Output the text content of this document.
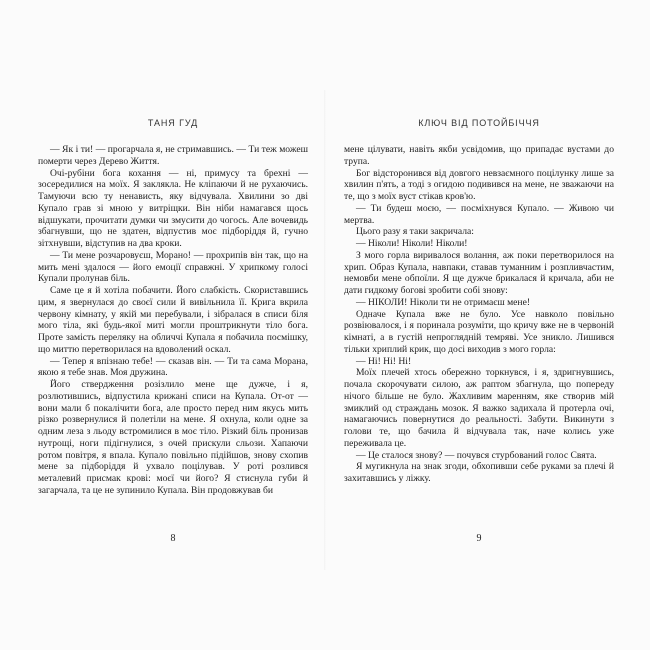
ТАНЯ ГУД

— Як і ти! — прогарчала я, не стримавшись. — Ти теж можеш померти через Дерево Життя.

Очі-рубіни бога кохання — ні, примусу та брехні — зосередилися на моїх. Я закляклa. Не кліпаючи й не рухаючись. Тамуючи всю ту ненависть, яку відчувала. Хвилини зо дві Купало грав зі мною у витріщки. Він ніби намагався щось відшукати, прочитати думки чи змусити до чогось. Але вочевидь збагнувши, що не здатен, відпустив моє підборіддя й, гучно зітхнувши, відступив на два кроки.

— Ти мене розчаровуєш, Морано! — прохрипів він так, що на мить мені здалося — його емоції справжні. У хрипкому голосі Купали пролунав біль.

Саме це я й хотіла побачити. Його слабкість. Скориставшись цим, я звернулася до своєї сили й вивільнила її. Крига вкрила червону кімнату, у якій ми перебували, і зібралася в списи біля мого тіла, які будь-якої миті могли проштрикнути тіло бога. Проте замість переляку на обличчі Купала я побачила посмішку, що миттю перетворилася на вдоволений оскал.

— Тепер я впізнаю тебе! — сказав він. — Ти та сама Морана, якою я тебе знав. Моя дружина.

Його ствердження розізлило мене ще дужче, і я, розлютившись, відпустила крижані списи на Купала. От-от — вони мали б покалічити бога, але просто перед ним якусь мить різко розвернулися й полетіли на мене. Я охнула, коли одне за одним леза з льоду встромилися в моє тіло. Різкий біль пронизав нутрощі, ноги підігнулися, з очей прискули сльози. Хапаючи ротом повітря, я впала. Купало повільно підійшов, знову схопив мене за підборіддя й ухвало поцілував. У роті розлився металевий присмак крові: моєї чи його? Я стиснула губи й загарчала, та це не зупинило Купала. Він продовжував би

8
КЛЮЧ ВІД ПОТОЙБІЧЧЯ

мене цілувати, навіть якби усвідомив, що припадає вустами до трупа.

Бог відсторонився від довгого невзаємного поцілунку лише за хвилин п'ять, а тоді з огидою подивився на мене, не зважаючи на те, що з моїх вуст стікав кров'ю.

— Ти будеш моєю, — посміхнувся Купало. — Живою чи мертва.

Цього разу я таки закричала:

— Ніколи! Ніколи! Ніколи!

З мого горла виривалося волання, аж поки перетворилося на хрип. Образ Купала, навпаки, ставав туманним і розпливчастим, немовби мене обпоїли. Я ще дужче брикалася й кричала, аби не дати гидкому богові зробити собі знову:

— НІКОЛИ! Ніколи ти не отримаєш мене!

Одначе Купала вже не було. Усе навколо повільно розвіювалося, і я поринала розуміти, що кричу вже не в червоній кімнаті, а в густій непроглядній темряві. Усе зникло. Лишився тільки хриплий крик, що досі виходив з мого горла:

— Ні! Ні! Ні!

Моїх плечей хтось обережно торкнувся, і я, здригнувшись, почала скорочувати силою, аж раптом збагнула, що попереду нічого більше не було. Жахливим маренням, яке створив мій змиклий од страждань мозок. Я важко задихала й протерла очі, намагаючись повернутися до реальності. Забути. Викинути з голови те, що бачила й відчувала так, наче колись уже переживала це.

— Це сталося знову? — почувся стурбований голос Свята.

Я мугикнула на знак згоди, обхопивши себе руками за плечі й захитавшись у ліжку.

9
